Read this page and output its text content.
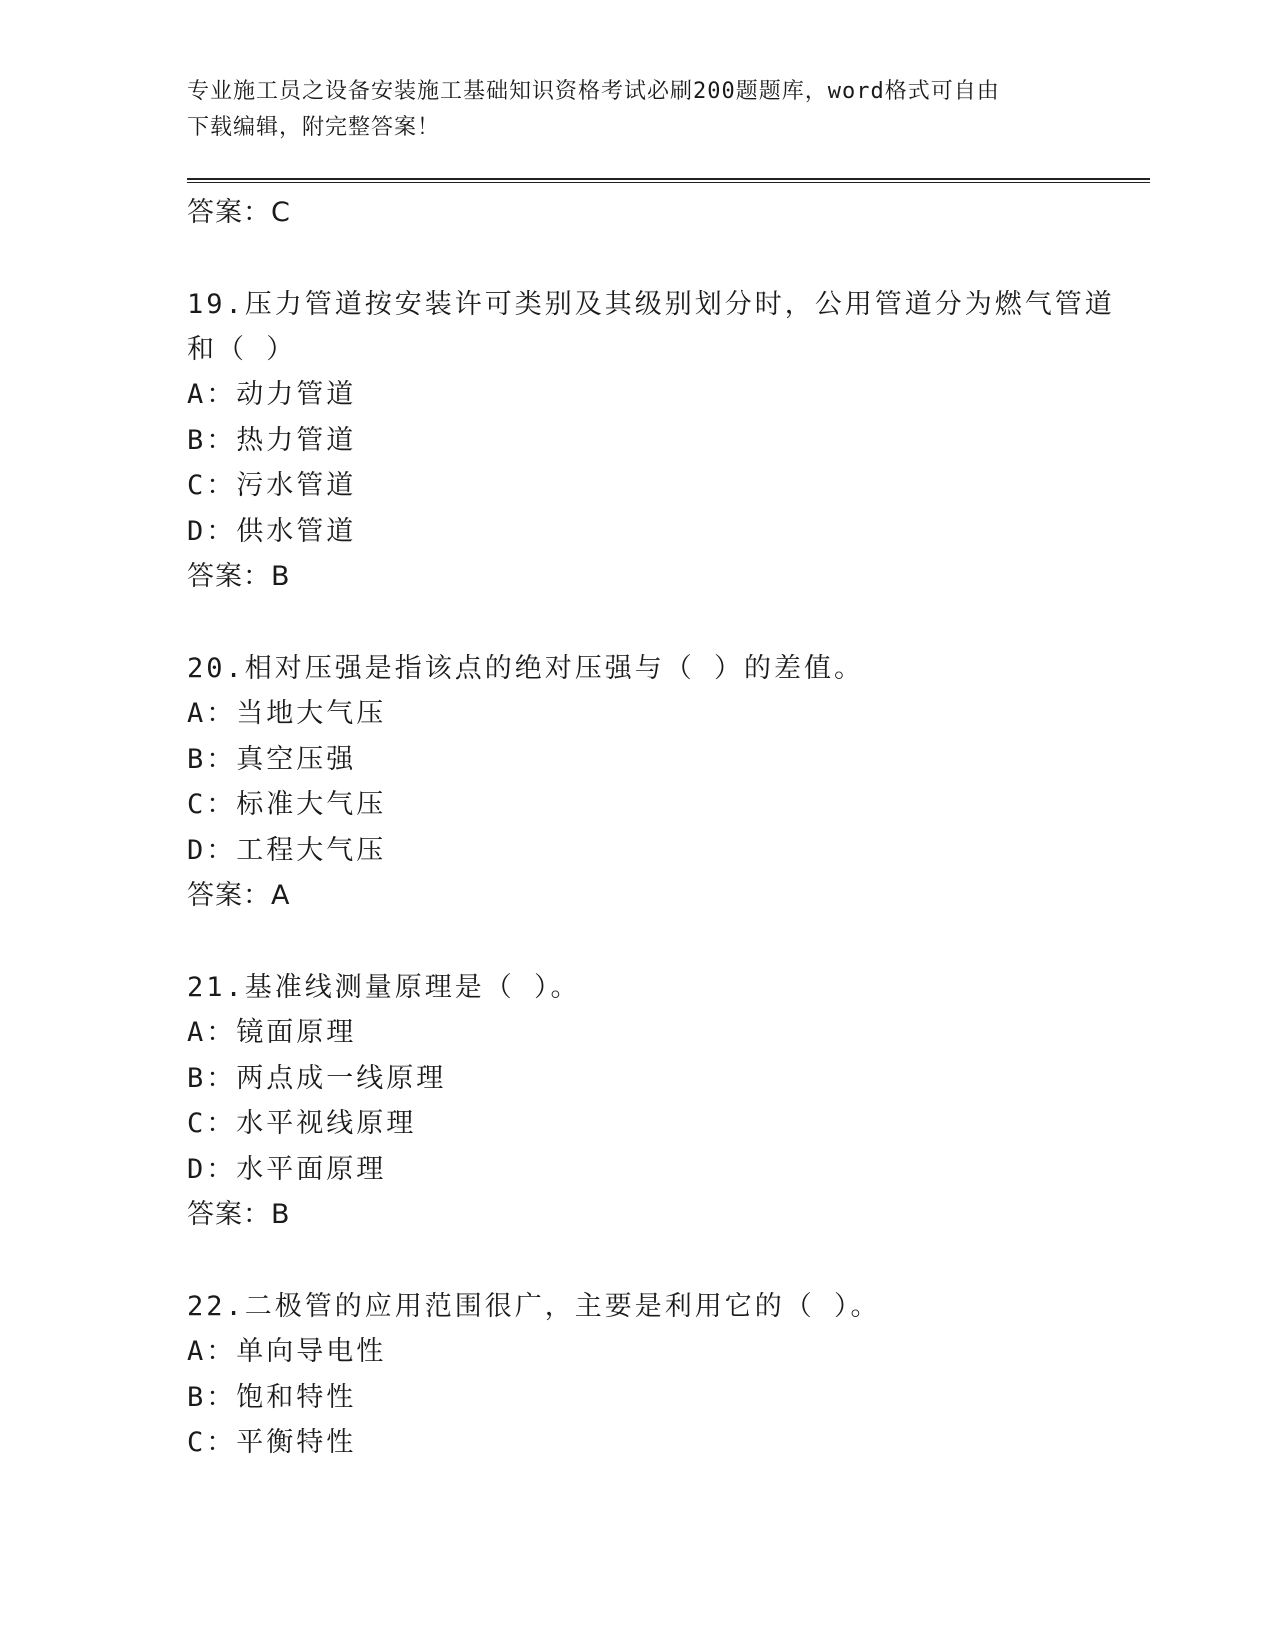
专业施工员之设备安装施工基础知识资格考试必刷200题题库，word格式可自由
下载编辑，附完整答案！
答案：C
19.压力管道按安装许可类别及其级别划分时，公用管道分为燃气管道和（ ）
A：动力管道
B：热力管道
C：污水管道
D：供水管道
答案：B
20.相对压强是指该点的绝对压强与（ ）的差值。
A：当地大气压
B：真空压强
C：标准大气压
D：工程大气压
答案：A
21.基准线测量原理是（ ）。
A：镜面原理
B：两点成一线原理
C：水平视线原理
D：水平面原理
答案：B
22.二极管的应用范围很广，主要是利用它的（ ）。
A：单向导电性
B：饱和特性
C：平衡特性
